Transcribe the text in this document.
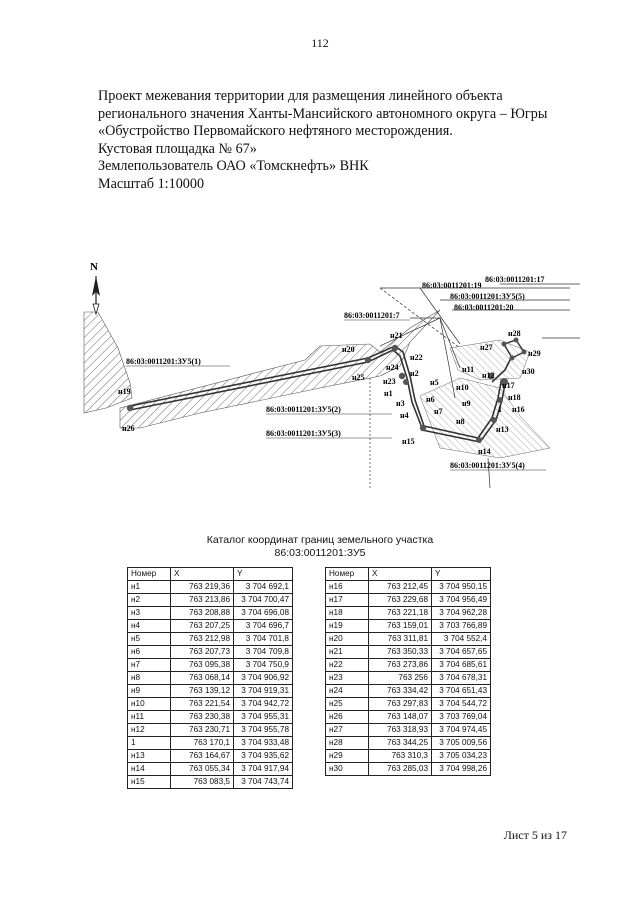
112
Проект межевания территории для размещения линейного объекта
регионального значения Ханты-Мансийского автономного округа – Югры
«Обустройство Первомайского нефтяного месторождения.
Кустовая площадка № 67»
Землепользователь ОАО «Томскнефть» ВНК
Масштаб 1:10000
N
86:03:0011201:17
86:03:0011201:19
86:03:0011201:ЗУ5(5)
86:03:0011201:20
86:03:0011201:7
86:03:0011201:ЗУ5(1)
86:03:0011201:ЗУ5(2)
86:03:0011201:ЗУ5(3)
86:03:0011201:ЗУ5(4)
н19
н26
н20
н25
н21
н22
н24
н23
н2
н5
н1
н3	н6
н7
н4
н8
н9
н10
н11
н27
н28
н29
н30
н12
н17
н18
1 н16
н13
н14
н15
Каталог координат границ земельного участка
86:03:0011201:ЗУ5
Номер	X	Y
н1	763 219,36	3 704 692,1
н2	763 213,86	3 704 700,47
н3	763 208,88	3 704 696,08
н4	763 207,25	3 704 696,7
н5	763 212,98	3 704 701,8
н6	763 207,73	3 704 709,8
н7	763 095,38	3 704 750,9
н8	763 068,14	3 704 906,92
н9	763 139,12	3 704 919,31
н10	763 221,54	3 704 942,72
н11	763 230,38	3 704 955,31
н12	763 230,71	3 704 955,78
1	763 170,1	3 704 933,48
н13	763 164,67	3 704 935,62
н14	763 055,34	3 704 917,94
н15	763 083,5	3 704 743,74
Номер	X	Y
н16	763 212,45	3 704 950,15
н17	763 229,68	3 704 956,49
н18	763 221,18	3 704 962,28
н19	763 159,01	3 703 766,89
н20	763 311,81	3 704 552,4
н21	763 350,33	3 704 657,65
н22	763 273,86	3 704 685,61
н23	763 256	3 704 678,31
н24	763 334,42	3 704 651,43
н25	763 297,83	3 704 544,72
н26	763 148,07	3 703 769,04
н27	763 318,93	3 704 974,45
н28	763 344,25	3 705 009,56
н29	763 310,3	3 705 034,23
н30	763 285,03	3 704 998,26
Лист 5 из 17
